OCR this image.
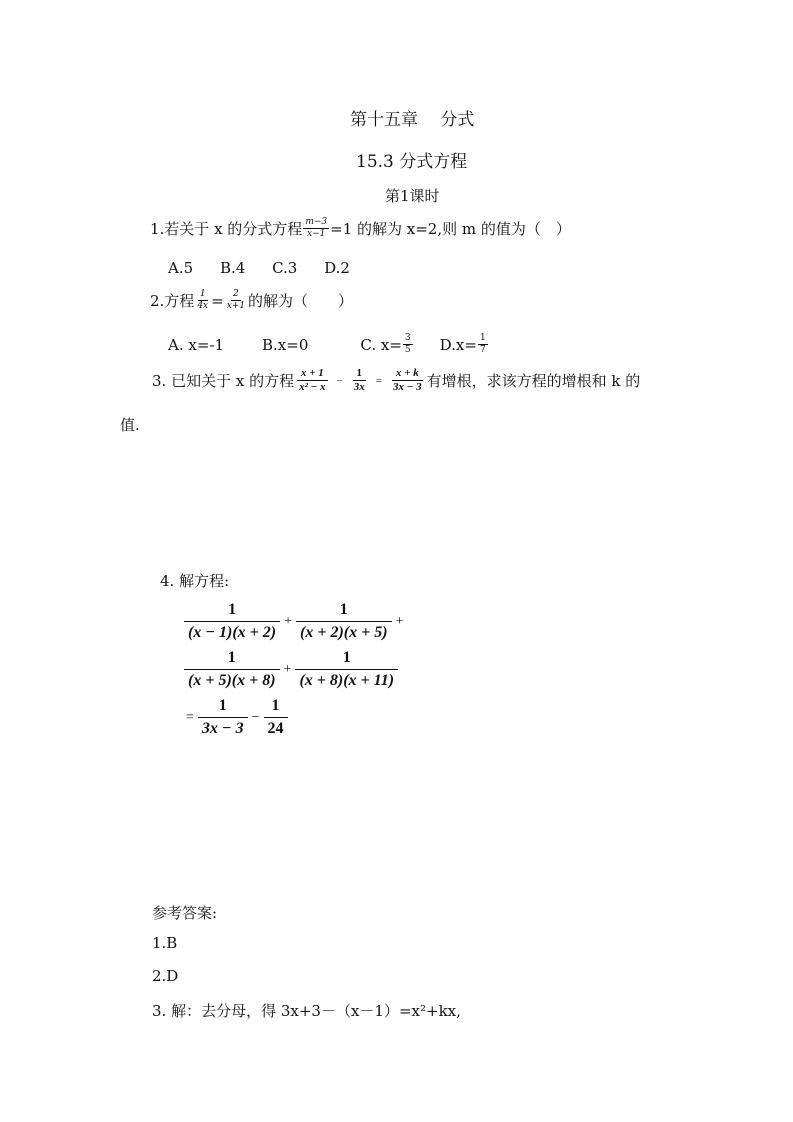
第十五章　 分式
15.3 分式方程
第1课时
1.若关于 x 的分式方程 $\frac{m-3}{x-1} =1$ 的解为 x=2,则 m 的值为（　）
A.5 B.4 C.3 D.2
2.方程 $\frac{1}{4x} = \frac{2}{x+1}$ 的解为（　　）
A. x=-1	B.x=0	C. $x= \frac{3}{5} D.x= \frac{1}{7}$
3. 已知关于 x 的方程 $\frac{x + 1}{\text{x² − x}} - \frac{1}{3x} = \frac{x + k}{3x - 3}$ 有增根，求该方程的增根和 k 的
值.
4. 解方程:
$\frac{1}{(x - 1)(x + 2)} + \frac{1}{(x + 2)(x + 5)}$ +
$\frac{1}{(x + 5)(x + 8)} + \frac{1}{(x + 8)(x + 11)}$
= $\frac{1}{3x - 3} - \frac{1}{24}$
参考答案:
1.B
2.D
3. 解：去分母，得 3x+3－（x－1）=x²+kx,
